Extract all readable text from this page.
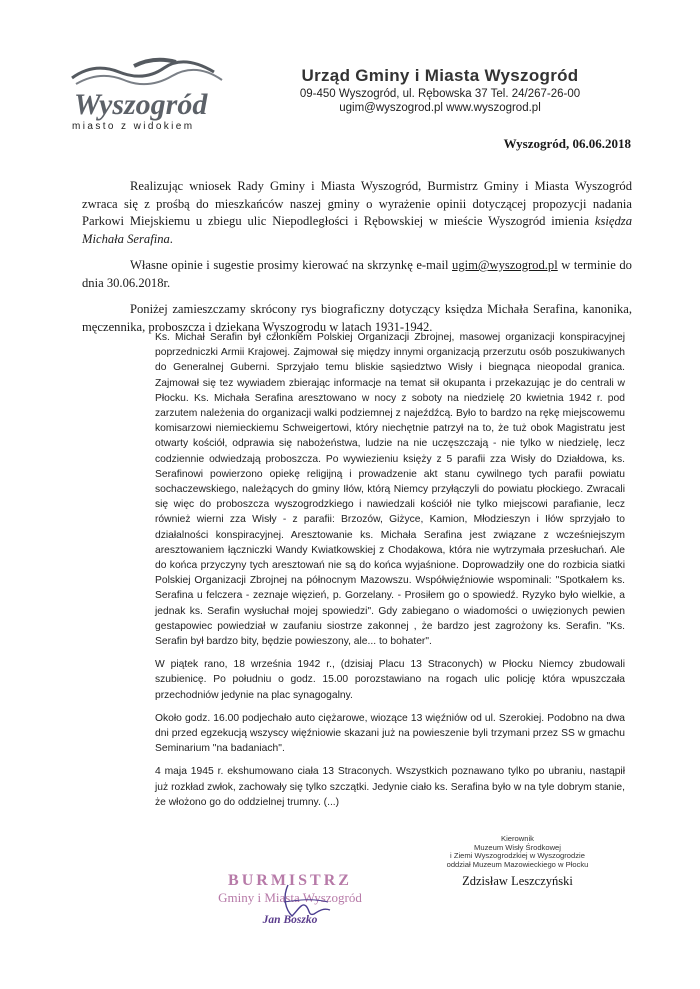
Wyszogród
miasto z widokiem
Urząd Gminy i Miasta Wyszogród
09-450 Wyszogród, ul. Rębowska 37 Tel. 24/267-26-00
ugim@wyszogrod.pl www.wyszogrod.pl
Wyszogród, 06.06.2018

Realizując wniosek Rady Gminy i Miasta Wyszogród, Burmistrz Gminy i Miasta Wyszogród zwraca się z prośbą do mieszkańców naszej gminy o wyrażenie opinii dotyczącej propozycji nadania Parkowi Miejskiemu u zbiegu ulic Niepodległości i Rębowskiej w mieście Wyszogród imienia księdza Michała Serafina.

Własne opinie i sugestie prosimy kierować na skrzynkę e-mail ugim@wyszogrod.pl w terminie do dnia 30.06.2018r.

Poniżej zamieszczamy skrócony rys biograficzny dotyczący księdza Michała Serafina, kanonika, męczennika, proboszcza i dziekana Wyszogrodu w latach 1931-1942.

Ks. Michał Serafin był członkiem Polskiej Organizacji Zbrojnej, masowej organizacji konspiracyjnej poprzedniczki Armii Krajowej. Zajmował się między innymi organizacją przerzutu osób poszukiwanych do Generalnej Guberni. Sprzyjało temu bliskie sąsiedztwo Wisły i biegnąca nieopodal granica. Zajmował się tez wywiadem zbierając informacje na temat sił okupanta i przekazując je do centrali w Płocku. Ks. Michała Serafina aresztowano w nocy z soboty na niedzielę 20 kwietnia 1942 r. pod zarzutem należenia do organizacji walki podziemnej z najeźdźcą. Było to bardzo na rękę miejscowemu komisarzowi niemieckiemu Schweigertowi, który niechętnie patrzył na to, że tuż obok Magistratu jest otwarty kościół, odprawia się nabożeństwa, ludzie na nie uczęszczają - nie tylko w niedzielę, lecz codziennie odwiedzają proboszcza. Po wywiezieniu księży z 5 parafii zza Wisły do Działdowa, ks. Serafinowi powierzono opiekę religijną i prowadzenie akt stanu cywilnego tych parafii powiatu sochaczewskiego, należących do gminy Iłów, którą Niemcy przyłączyli do powiatu płockiego. Zwracali się więc do proboszcza wyszogrodzkiego i nawiedzali kościół nie tylko miejscowi parafianie, lecz również wierni zza Wisły - z parafii: Brzozów, Giżyce, Kamion, Młodzieszyn i Iłów sprzyjało to działalności konspiracyjnej. Aresztowanie ks. Michała Serafina jest związane z wcześniejszym aresztowaniem łączniczki Wandy Kwiatkowskiej z Chodakowa, która nie wytrzymała przesłuchań. Ale do końca przyczyny tych aresztowań nie są do końca wyjaśnione. Doprowadziły one do rozbicia siatki Polskiej Organizacji Zbrojnej na północnym Mazowszu. Współwięźniowie wspominali: "Spotkałem ks. Serafina u felczera - zeznaje więzień, p. Gorzelany. - Prosiłem go o spowiedź. Ryzyko było wielkie, a jednak ks. Serafin wysłuchał mojej spowiedzi". Gdy zabiegano o wiadomości o uwięzionych pewien gestapowiec powiedział w zaufaniu siostrze zakonnej , że bardzo jest zagrożony ks. Serafin. "Ks. Serafin był bardzo bity, będzie powieszony, ale... to bohater".

W piątek rano, 18 września 1942 r., (dzisiaj Placu 13 Straconych) w Płocku Niemcy zbudowali szubienicę. Po południu o godz. 15.00 porozstawiano na rogach ulic policję która wpuszczała przechodniów jedynie na plac synagogalny.

Około godz. 16.00 podjechało auto ciężarowe, wiozące 13 więźniów od ul. Szerokiej. Podobno na dwa dni przed egzekucją wszyscy więźniowie skazani już na powieszenie byli trzymani przez SS w gmachu Seminarium "na badaniach".

4 maja 1945 r. ekshumowano ciała 13 Straconych. Wszystkich poznawano tylko po ubraniu, nastąpił już rozkład zwłok, zachowały się tylko szczątki. Jedynie ciało ks. Serafina było w na tyle dobrym stanie, że włożono go do oddzielnej trumny. (...)

Kierownik
Muzeum Wisły Środkowej
i Ziemi Wyszogrodzkiej w Wyszogrodzie
oddział Muzeum Mazowieckiego w Płocku
Zdzisław Leszczyński
BURMISTRZ
Gminy i Miasta Wyszogród
Jan Boszko
